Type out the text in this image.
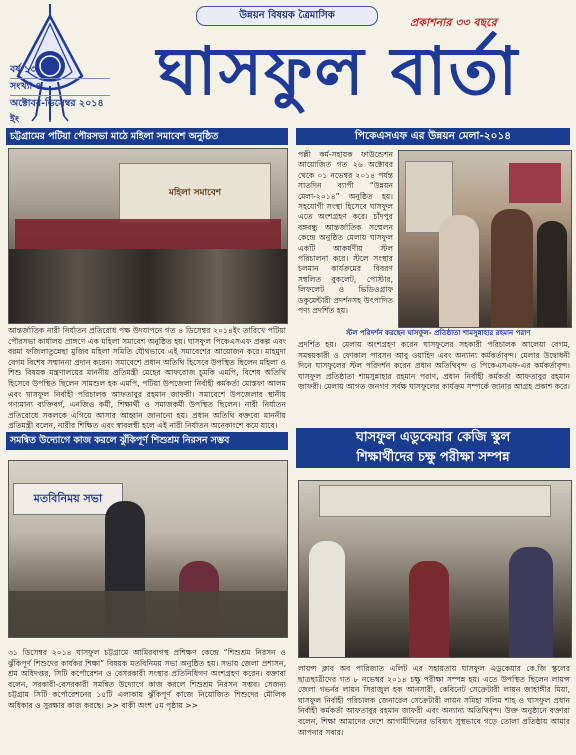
উন্নয়ন বিষয়ক ত্রৈমাসিক
প্রকাশনার ৩৩ বছরে
ঘাসফুল বার্তা
বর্ষ ১৩
সংখ্যা ৪
অক্টোবর-ডিসেম্বর ২০১৪ ইং
চট্টগ্রামের পটিয়া পৌরসভা মাঠে মহিলা সমাবেশ অনুষ্ঠিত
মহিলা সমাবেশ
আন্তর্জাতিক নারী নির্যাতন প্রতিরোধ পক্ষ উদযাপনে গত ৪ ডিসেম্বর ২০১৪ইং তারিখে পটিয়া পৌরসভা কার্যালয় প্রাঙ্গণে এক মহিলা সমাবেশ অনুষ্ঠিত হয়। ঘাসফুল পিকেএসএফ প্রকল্প এবং বরমা ফজিলাতুন্নেছা মুজিব মহিলা সমিতি যৌথভাবে এই সমাবেশের আয়োজন করে। মাহমুদা বেগম বিশেষ সম্মাননা প্রদান করেন। সমাবেশে প্রধান অতিথি হিসেবে উপস্থিত ছিলেন মহিলা ও শিশু বিষয়ক মন্ত্রণালয়ের মাননীয় প্রতিমন্ত্রী মেহের আফরোজ চুমকি এমপি, বিশেষ অতিথি হিসেবে উপস্থিত ছিলেন সামশুল হক এমপি, পটিয়া উপজেলা নির্বাহী কর্মকর্তা মোস্তফা আলম এবং ঘাসফুল নির্বাহী পরিচালক আফতাবুর রহমান জাফরী। সমাবেশে উপজেলার স্থানীয় গণ্যমান্য ব্যক্তিবর্গ, এনজিও কর্মী, শিক্ষার্থী ও সমাজকর্মী উপস্থিত ছিলেন। নারী নির্যাতন প্রতিরোধে সকলকে এগিয়ে আসার আহ্বান জানানো হয়। প্রধান অতিথি বক্তব্যে মাননীয় প্রতিমন্ত্রী বলেন, নারীর শিক্ষিত এবং স্বাবলম্বী হলে এই নারী নির্যাতন অনেকাংশে কমে যাবে।
পিকেএসএফ এর উন্নয়ন মেলা-২০১৪
পল্লী কর্ম-সহায়ক ফাউন্ডেশন আয়োজিত গত ২৬ অক্টোবর থেকে ০১ নভেম্বর ২০১৪ পর্যন্ত সাতদিন ব্যাপী “উন্নয়ন মেলা-২০১৪” অনুষ্ঠিত হয়। সহযোগী সংস্থা হিসেবে ঘাসফুল এতে অংশগ্রহণ করে। চাঁদপুর বঙ্গবন্ধু আন্তর্জাতিক সম্মেলন কেন্দ্রে অনুষ্ঠিত মেলায় ঘাসফুল একটি আকর্ষণীয় স্টল পরিচালনা করে। স্টলে সংস্থার চলমান কার্যক্রমের বিবরণ সম্বলিত বুকলেট, পোস্টার, লিফলেট ও ভিডিওগ্রাফ ডকুমেন্টারী প্রদর্শনসহ উৎপাদিত পণ্য প্রদর্শিত হয়।
স্টল পরিদর্শন করছেন ঘাসফুল- প্রতিষ্ঠাতা শামসুন্নাহার রহমান পরাণ
প্রদর্শিত হয়। মেলায় অংশগ্রহণ করেন ঘাসফুলের সহকারী পরিচালক আলেয়া বেগম, সমন্বয়কারী ও ফোকাল পারসন আবু ওয়াহিদ এবং অন্যান্য কর্মকর্তাবৃন্দ। মেলার উদ্বোধনী দিনে ঘাসফুলের স্টল পরিদর্শন করেন প্রধান অতিথিবৃন্দ ও পিকেএসএফ-এর কর্মকর্তাবৃন্দ। ঘাসফুল প্রতিষ্ঠাতা শামসুন্নাহার রহমান পরাণ, প্রধান নির্বাহী কর্মকর্তা আফতাবুর রহমান জাফরী। মেলায় আগত জনগণ সর্বক্ষ ঘাসফুলের কার্যক্রম সম্পর্কে জানার আগ্রহ প্রকাশ করে।
সমন্বিত উদ্যোগে কাজ করলে ঝুঁকিপূর্ণ শিশুশ্রম নিরসন সম্ভব
মতবিনিময় সভা
৩১ ডিসেম্বর ২০১৪ ঘাসফুল চট্টগ্রামে আমিরবাগস্থ প্রশিক্ষণ কেন্দ্রে “শিশুশ্রম নিরসন ও ঝুঁকিপূর্ণ শিশুদের কার্যকর শিক্ষা” বিষয়ক মতবিনিময় সভা অনুষ্ঠিত হয়। সভায় জেলা প্রশাসন, শ্রম অধিদপ্তর, সিটি কর্পোরেশন ও বেসরকারী সংস্থার প্রতিনিধিগণ অংশগ্রহণ করেন। বক্তারা বলেন, সরকারী-বেসরকারী সমন্বিত উদ্যোগে কাজ করলে শিশুশ্রম নিরসন সম্ভব। সেজন্য চট্টগ্রাম সিটি কর্পোরেশনের ১৫টি এলাকায় ঝুঁকিপূর্ণ কাজে নিয়োজিত শিশুদের মৌলিক অধিকার ও সুরক্ষার কাজ করছে। >> বাকী অংশ ৫ম পৃষ্ঠায় >>
ঘাসফুল এডুকেয়ার কেজি স্কুল
শিক্ষার্থীদের চক্ষু পরীক্ষা সম্পন্ন
লায়ন্স ক্লাব অব পারিজাত এলিট এর সহায়তায় ঘাসফুল এডুকেয়ার কে.জি স্কুলের ছাত্রছাত্রীদের গত ৮ নভেম্বর ২০১৪ চক্ষু পরীক্ষা সম্পন্ন হয়। এতে উপস্থিত ছিলেন লায়ন্স জেলা গভর্নর লায়ন সিরাজুল হক আনসারী, কেবিনেট সেক্রেটারী লায়ন জাহাঙ্গীর মিয়া, ঘাসফুল নির্বাহী পরিচালক জেনারেল সেক্রেটারী লায়ন সমিহা সলিম শাহ ও ঘাসফুল প্রধান নির্বাহী কর্মকর্তা আফতাবুর রহমান জাফরী এবং অন্যান্য অতিথিবৃন্দ। উক্ত অনুষ্ঠানে বক্তারা বলেন, শিক্ষা আমাদের দেশে আগামীদিনের ভবিষ্যৎ সুস্থভাবে গড়ে তোলা প্রতিষ্ঠায় আমার আপনার সবার।
